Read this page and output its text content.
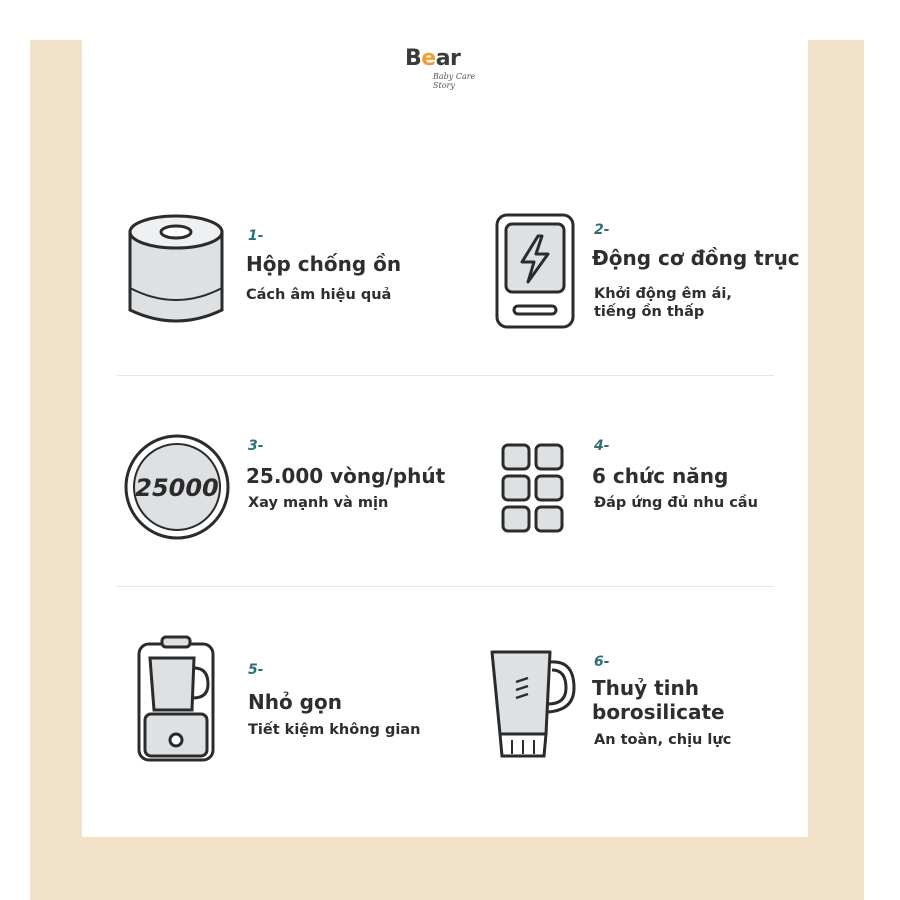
Bear
Baby Care Story
1-
Hộp chống ồn
Cách âm hiệu quả
2-
Động cơ đồng trục
Khởi động êm ái,
tiếng ồn thấp
25000
3-
25.000 vòng/phút
Xay mạnh và mịn
4-
6 chức năng
Đáp ứng đủ nhu cầu
5-
Nhỏ gọn
Tiết kiệm không gian
6-
Thuỷ tinh
borosilicate
An toàn, chịu lực
